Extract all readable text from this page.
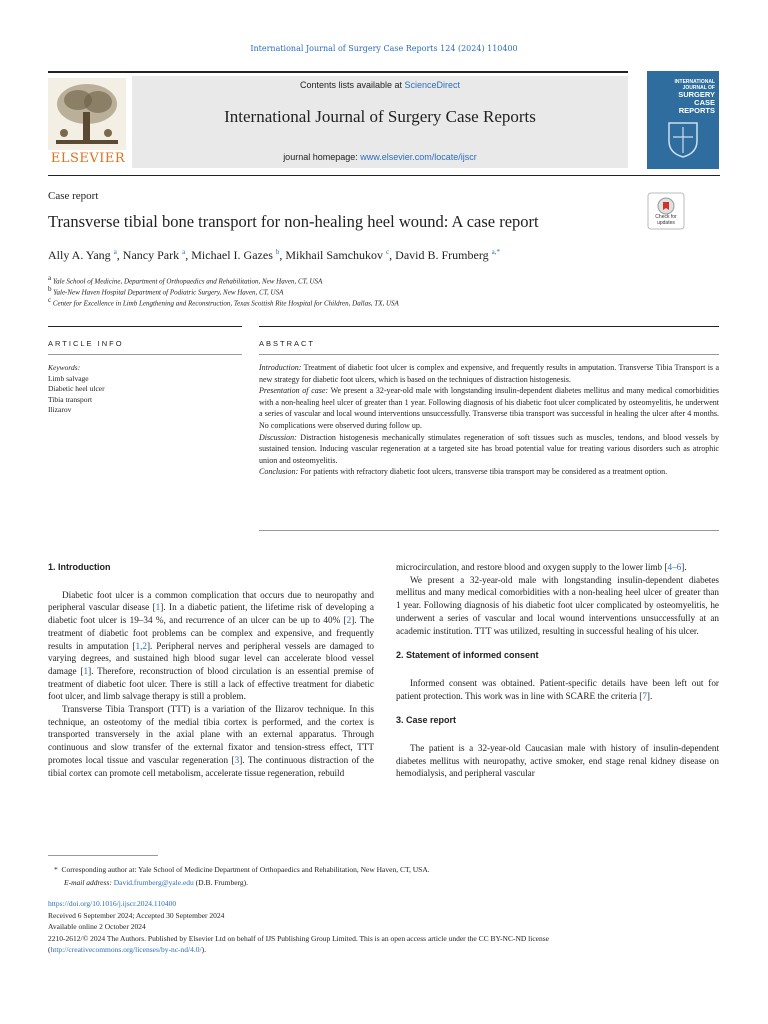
International Journal of Surgery Case Reports 124 (2024) 110400
ELSEVIER
Contents lists available at ScienceDirect
International Journal of Surgery Case Reports
journal homepage: www.elsevier.com/locate/ijscr
INTERNATIONAL
JOURNAL OF
SURGERY
CASE
REPORTS
Case report
Transverse tibial bone transport for non-healing heel wound: A case report	Check for updates
Ally A. Yang $^a$, Nancy Park $^a$, Michael I. Gazes $^b$, Mikhail Samchukov $^c$, David B. Frumberg $^{a,*}$
$^a$ Yale School of Medicine, Department of Orthopaedics and Rehabilitation, New Haven, CT, USA
$^b$ Yale-New Haven Hospital Department of Podiatric Surgery, New Haven, CT, USA
$^c$ Center for Excellence in Limb Lengthening and Reconstruction, Texas Scottish Rite Hospital for Children, Dallas, TX, USA
ARTICLE INFO	ABSTRACT
Keywords:
Limb salvage
Diabetic heel ulcer
Tibia transport
Ilizarov

Introduction: Treatment of diabetic foot ulcer is complex and expensive, and frequently results in amputation. Transverse Tibia Transport is a new strategy for diabetic foot ulcers, which is based on the techniques of distraction histogenesis.

Presentation of case: We present a 32-year-old male with longstanding insulin-dependent diabetes mellitus and many medical comorbidities with a non-healing heel ulcer of greater than 1 year. Following diagnosis of his diabetic foot ulcer complicated by osteomyelitis, he underwent a series of vascular and local wound interventions unsuccessfully. Transverse tibia transport was successful in healing the ulcer after 4 months. No complications were observed during follow up.

Discussion: Distraction histogenesis mechanically stimulates regeneration of soft tissues such as muscles, tendons, and blood vessels by sustained tension. Inducing vascular regeneration at a targeted site has broad potential value for treating various disorders such as atrophic union and osteomyelitis.

Conclusion: For patients with refractory diabetic foot ulcers, transverse tibia transport may be considered as a treatment option.

1. Introduction

Diabetic foot ulcer is a common complication that occurs due to neuropathy and peripheral vascular disease [1]. In a diabetic patient, the lifetime risk of developing a diabetic foot ulcer is 19–34 %, and recurrence of an ulcer can be up to 40% [2]. The treatment of diabetic foot problems can be complex and expensive, and frequently results in amputation [1,2]. Peripheral nerves and peripheral vessels are damaged to varying degrees, and sustained high blood sugar level can accelerate blood vessel damage [1]. Therefore, reconstruction of blood circulation is an essential premise of treatment of diabetic foot ulcer. There is still a lack of effective treatment for diabetic foot ulcer, and limb salvage therapy is still a problem.

Transverse Tibia Transport (TTT) is a variation of the Ilizarov technique. In this technique, an osteotomy of the medial tibia cortex is performed, and the cortex is transported transversely in the axial plane with an external apparatus. Through continuous and slow transfer of the external fixator and tension-stress effect, TTT promotes local tissue and vascular regeneration [3]. The continuous distraction of the tibial cortex can promote cell metabolism, accelerate tissue regeneration, rebuild

microcirculation, and restore blood and oxygen supply to the lower limb [4–6].

We present a 32-year-old male with longstanding insulin-dependent diabetes mellitus and many medical comorbidities with a non-healing heel ulcer of greater than 1 year. Following diagnosis of his diabetic foot ulcer complicated by osteomyelitis, he underwent a series of vascular and local wound interventions unsuccessfully at an academic institution. TTT was utilized, resulting in successful healing of his ulcer.

2. Statement of informed consent

Informed consent was obtained. Patient-specific details have been left out for patient protection. This work was in line with SCARE the criteria [7].

3. Case report

The patient is a 32-year-old Caucasian male with history of insulin-dependent diabetes mellitus with neuropathy, active smoker, end stage renal kidney disease on hemodialysis, and peripheral vascular

* Corresponding author at: Yale School of Medicine Department of Orthopaedics and Rehabilitation, New Haven, CT, USA.
E-mail address: David.frumberg@yale.edu (D.B. Frumberg).
https://doi.org/10.1016/j.ijscr.2024.110400
Received 6 September 2024; Accepted 30 September 2024
Available online 2 October 2024
2210-2612/© 2024 The Authors. Published by Elsevier Ltd on behalf of IJS Publishing Group Limited. This is an open access article under the CC BY-NC-ND license
(http://creativecommons.org/licenses/by-nc-nd/4.0/).
